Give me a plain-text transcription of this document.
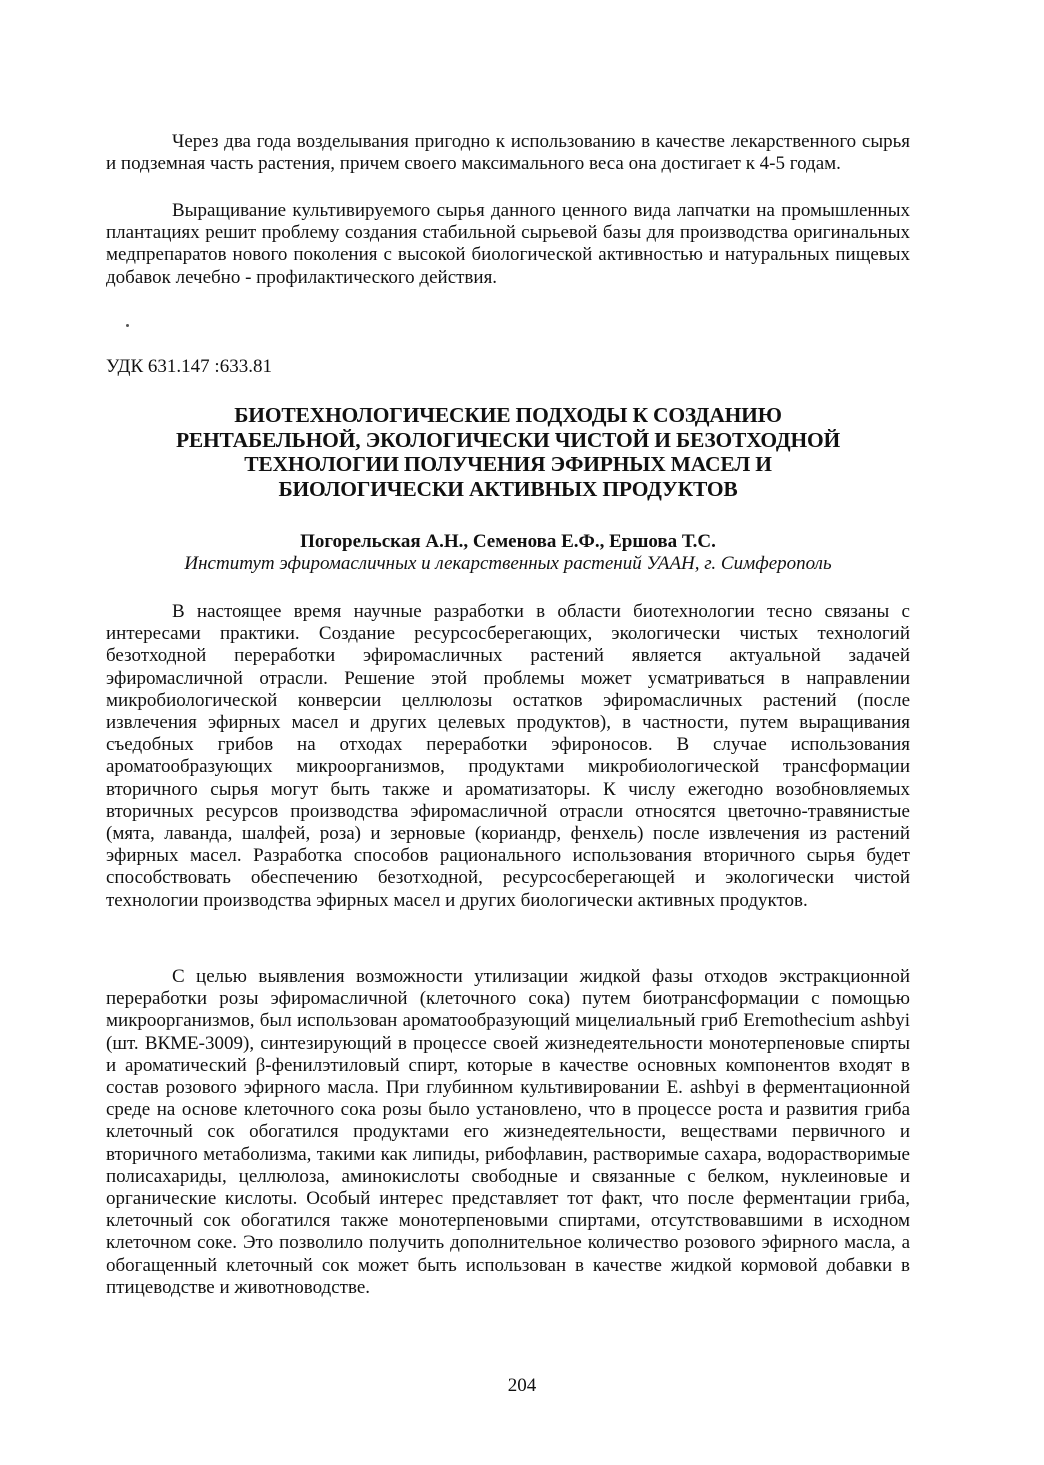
Через два года возделывания пригодно к использованию в качестве лекарственного сырья и подземная часть растения, причем своего максимального веса она достигает к 4-5 годам.

Выращивание культивируемого сырья данного ценного вида лапчатки на промышленных плантациях решит проблему создания стабильной сырьевой базы для производства оригинальных медпрепаратов нового поколения с высокой биологической активностью и натуральных пищевых добавок лечебно - профилактического действия.

УДК 631.147 :633.81

БИОТЕХНОЛОГИЧЕСКИЕ ПОДХОДЫ К СОЗДАНИЮ
РЕНТАБЕЛЬНОЙ, ЭКОЛОГИЧЕСКИ ЧИСТОЙ И БЕЗОТХОДНОЙ
ТЕХНОЛОГИИ ПОЛУЧЕНИЯ ЭФИРНЫХ МАСЕЛ И
БИОЛОГИЧЕСКИ АКТИВНЫХ ПРОДУКТОВ

Погорельская А.Н., Семенова Е.Ф., Ершова Т.С.

Институт эфиромасличных и лекарственных растений УААН, г. Симферополь

В настоящее время научные разработки в области биотехнологии тесно связаны с интересами практики. Создание ресурсосберегающих, экологически чистых технологий безотходной переработки эфиромасличных растений является актуальной задачей эфиромасличной отрасли. Решение этой проблемы может усматриваться в направлении микробиологической конверсии целлюлозы остатков эфиромасличных растений (после извлечения эфирных масел и других целевых продуктов), в частности, путем выращивания съедобных грибов на отходах переработки эфироносов. В случае использования ароматообразующих микроорганизмов, продуктами микробиологической трансформации вторичного сырья могут быть также и ароматизаторы. К числу ежегодно возобновляемых вторичных ресурсов производства эфиромасличной отрасли относятся цветочно-травянистые (мята, лаванда, шалфей, роза) и зерновые (кориандр, фенхель) после извлечения из растений эфирных масел. Разработка способов рационального использования вторичного сырья будет способствовать обеспечению безотходной, ресурсосберегающей и экологически чистой технологии производства эфирных масел и других биологически активных продуктов.

С целью выявления возможности утилизации жидкой фазы отходов экстракционной переработки розы эфиромасличной (клеточного сока) путем биотрансформации с помощью микроорганизмов, был использован ароматообразующий мицелиальный гриб Eremothecium ashbyi (шт. ВКМЕ-3009), синтезирующий в процессе своей жизнедеятельности монотерпеновые спирты и ароматический β-фенилэтиловый спирт, которые в качестве основных компонентов входят в состав розового эфирного масла. При глубинном культивировании E. ashbyi в ферментационной среде на основе клеточного сока розы было установлено, что в процессе роста и развития гриба клеточный сок обогатился продуктами его жизнедеятельности, веществами первичного и вторичного метаболизма, такими как липиды, рибофлавин, растворимые сахара, водорастворимые полисахариды, целлюлоза, аминокислоты свободные и связанные с белком, нуклеиновые и органические кислоты. Особый интерес представляет тот факт, что после ферментации гриба, клеточный сок обогатился также монотерпеновыми спиртами, отсутствовавшими в исходном клеточном соке. Это позволило получить дополнительное количество розового эфирного масла, а обогащенный клеточный сок может быть использован в качестве жидкой кормовой добавки в птицеводстве и животноводстве.

204
